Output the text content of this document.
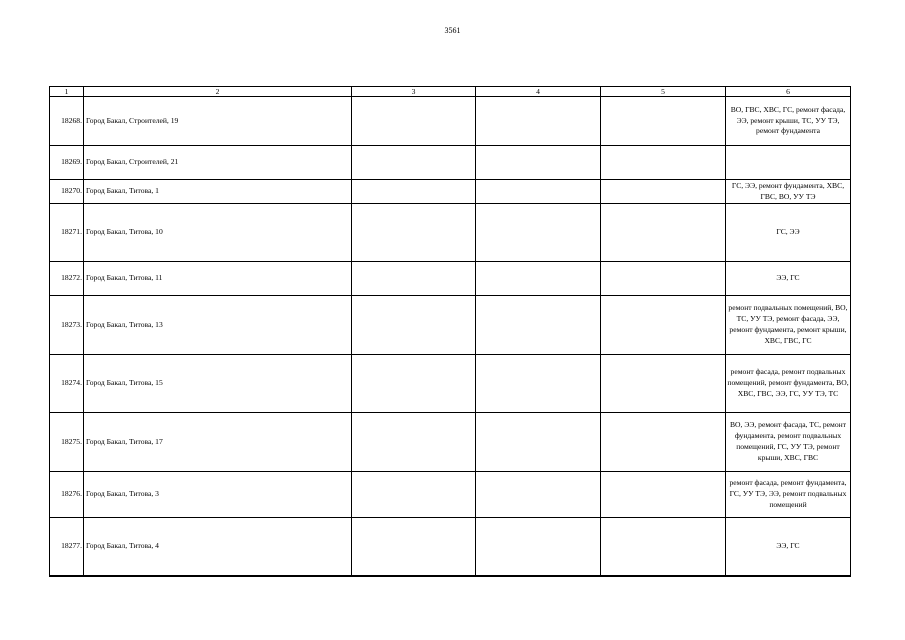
3561
1	2	3	4	5	6
18268.	Город Бакал, Строителей, 19				ВО, ГВС, ХВС, ГС, ремонт фасада, ЭЭ, ремонт крыши, ТС, УУ ТЭ, ремонт фундамента
18269.	Город Бакал, Строителей, 21				
18270.	Город Бакал, Титова, 1				ГС, ЭЭ, ремонт фундамента, ХВС, ГВС, ВО, УУ ТЭ
18271.	Город Бакал, Титова, 10				ГС, ЭЭ
18272.	Город Бакал, Титова, 11				ЭЭ, ГС
18273.	Город Бакал, Титова, 13				ремонт подвальных помещений, ВО, ТС, УУ ТЭ, ремонт фасада, ЭЭ, ремонт фундамента, ремонт крыши, ХВС, ГВС, ГС
18274.	Город Бакал, Титова, 15				ремонт фасада, ремонт подвальных помещений, ремонт фундамента, ВО, ХВС, ГВС, ЭЭ, ГС, УУ ТЭ, ТС
18275.	Город Бакал, Титова, 17				ВО, ЭЭ, ремонт фасада, ТС, ремонт фундамента, ремонт подвальных помещений, ГС, УУ ТЭ, ремонт крыши, ХВС, ГВС
18276.	Город Бакал, Титова, 3				ремонт фасада, ремонт фундамента, ГС, УУ ТЭ, ЭЭ, ремонт подвальных помещений
18277.	Город Бакал, Титова, 4				ЭЭ, ГС
